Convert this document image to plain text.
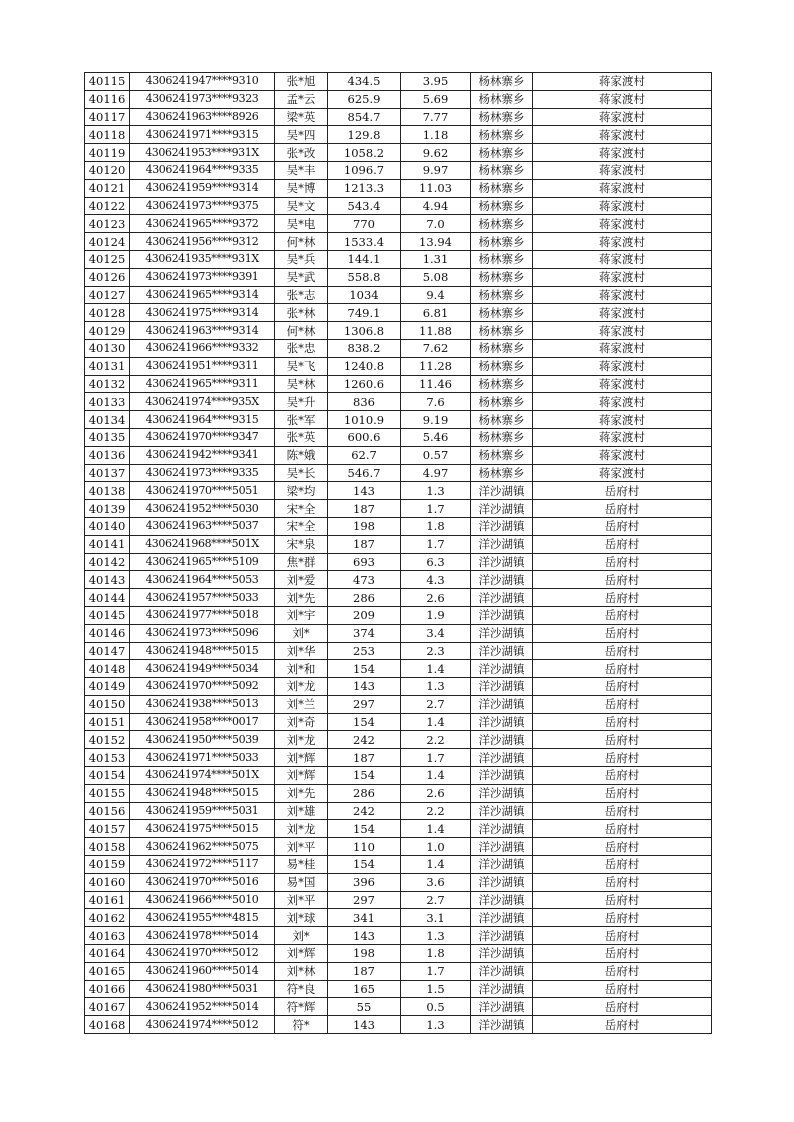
40115	4306241947****9310	张*旭	434.5	3.95	杨林寨乡	蒋家渡村
40116	4306241973****9323	孟*云	625.9	5.69	杨林寨乡	蒋家渡村
40117	4306241963****8926	梁*英	854.7	7.77	杨林寨乡	蒋家渡村
40118	4306241971****9315	吴*四	129.8	1.18	杨林寨乡	蒋家渡村
40119	4306241953****931X	张*改	1058.2	9.62	杨林寨乡	蒋家渡村
40120	4306241964****9335	吴*丰	1096.7	9.97	杨林寨乡	蒋家渡村
40121	4306241959****9314	吴*博	1213.3	11.03	杨林寨乡	蒋家渡村
40122	4306241973****9375	吴*文	543.4	4.94	杨林寨乡	蒋家渡村
40123	4306241965****9372	吴*电	770	7.0	杨林寨乡	蒋家渡村
40124	4306241956****9312	何*林	1533.4	13.94	杨林寨乡	蒋家渡村
40125	4306241935****931X	吴*兵	144.1	1.31	杨林寨乡	蒋家渡村
40126	4306241973****9391	吴*武	558.8	5.08	杨林寨乡	蒋家渡村
40127	4306241965****9314	张*志	1034	9.4	杨林寨乡	蒋家渡村
40128	4306241975****9314	张*林	749.1	6.81	杨林寨乡	蒋家渡村
40129	4306241963****9314	何*林	1306.8	11.88	杨林寨乡	蒋家渡村
40130	4306241966****9332	张*忠	838.2	7.62	杨林寨乡	蒋家渡村
40131	4306241951****9311	吴*飞	1240.8	11.28	杨林寨乡	蒋家渡村
40132	4306241965****9311	吴*林	1260.6	11.46	杨林寨乡	蒋家渡村
40133	4306241974****935X	吴*升	836	7.6	杨林寨乡	蒋家渡村
40134	4306241964****9315	张*军	1010.9	9.19	杨林寨乡	蒋家渡村
40135	4306241970****9347	张*英	600.6	5.46	杨林寨乡	蒋家渡村
40136	4306241942****9341	陈*娥	62.7	0.57	杨林寨乡	蒋家渡村
40137	4306241973****9335	吴*长	546.7	4.97	杨林寨乡	蒋家渡村
40138	4306241970****5051	梁*均	143	1.3	洋沙湖镇	岳府村
40139	4306241952****5030	宋*全	187	1.7	洋沙湖镇	岳府村
40140	4306241963****5037	宋*全	198	1.8	洋沙湖镇	岳府村
40141	4306241968****501X	宋*泉	187	1.7	洋沙湖镇	岳府村
40142	4306241965****5109	焦*群	693	6.3	洋沙湖镇	岳府村
40143	4306241964****5053	刘*爱	473	4.3	洋沙湖镇	岳府村
40144	4306241957****5033	刘*先	286	2.6	洋沙湖镇	岳府村
40145	4306241977****5018	刘*宇	209	1.9	洋沙湖镇	岳府村
40146	4306241973****5096	刘*	374	3.4	洋沙湖镇	岳府村
40147	4306241948****5015	刘*华	253	2.3	洋沙湖镇	岳府村
40148	4306241949****5034	刘*和	154	1.4	洋沙湖镇	岳府村
40149	4306241970****5092	刘*龙	143	1.3	洋沙湖镇	岳府村
40150	4306241938****5013	刘*兰	297	2.7	洋沙湖镇	岳府村
40151	4306241958****0017	刘*奇	154	1.4	洋沙湖镇	岳府村
40152	4306241950****5039	刘*龙	242	2.2	洋沙湖镇	岳府村
40153	4306241971****5033	刘*辉	187	1.7	洋沙湖镇	岳府村
40154	4306241974****501X	刘*辉	154	1.4	洋沙湖镇	岳府村
40155	4306241948****5015	刘*先	286	2.6	洋沙湖镇	岳府村
40156	4306241959****5031	刘*雄	242	2.2	洋沙湖镇	岳府村
40157	4306241975****5015	刘*龙	154	1.4	洋沙湖镇	岳府村
40158	4306241962****5075	刘*平	110	1.0	洋沙湖镇	岳府村
40159	4306241972****5117	易*桂	154	1.4	洋沙湖镇	岳府村
40160	4306241970****5016	易*国	396	3.6	洋沙湖镇	岳府村
40161	4306241966****5010	刘*平	297	2.7	洋沙湖镇	岳府村
40162	4306241955****4815	刘*球	341	3.1	洋沙湖镇	岳府村
40163	4306241978****5014	刘*	143	1.3	洋沙湖镇	岳府村
40164	4306241970****5012	刘*辉	198	1.8	洋沙湖镇	岳府村
40165	4306241960****5014	刘*林	187	1.7	洋沙湖镇	岳府村
40166	4306241980****5031	符*良	165	1.5	洋沙湖镇	岳府村
40167	4306241952****5014	符*辉	55	0.5	洋沙湖镇	岳府村
40168	4306241974****5012	符*	143	1.3	洋沙湖镇	岳府村
